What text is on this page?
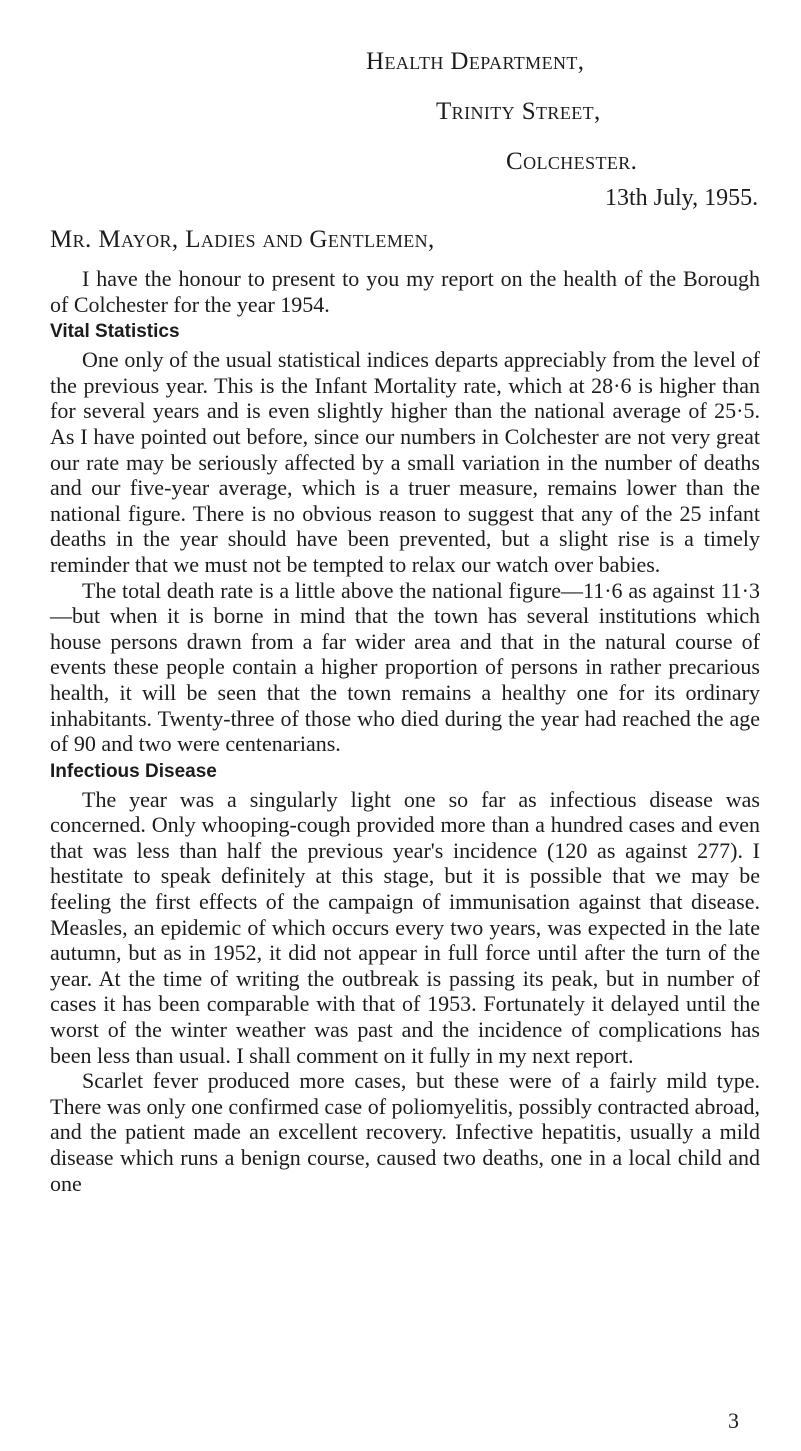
Health Department,
Trinity Street,
Colchester.
13th July, 1955.
Mr. Mayor, Ladies and Gentlemen,

I have the honour to present to you my report on the health of the Borough of Colchester for the year 1954.

Vital Statistics

One only of the usual statistical indices departs appreciably from the level of the previous year. This is the Infant Mortality rate, which at 28·6 is higher than for several years and is even slightly higher than the national average of 25·5. As I have pointed out before, since our numbers in Colchester are not very great our rate may be seriously affected by a small variation in the number of deaths and our five-year average, which is a truer measure, remains lower than the national figure. There is no obvious reason to suggest that any of the 25 infant deaths in the year should have been prevented, but a slight rise is a timely reminder that we must not be tempted to relax our watch over babies.

The total death rate is a little above the national figure—11·6 as against 11·3—but when it is borne in mind that the town has several institutions which house persons drawn from a far wider area and that in the natural course of events these people contain a higher proportion of persons in rather precarious health, it will be seen that the town remains a healthy one for its ordinary inhabitants. Twenty-three of those who died during the year had reached the age of 90 and two were centenarians.

Infectious Disease

The year was a singularly light one so far as infectious disease was concerned. Only whooping-cough provided more than a hundred cases and even that was less than half the previous year's incidence (120 as against 277). I hestitate to speak definitely at this stage, but it is possible that we may be feeling the first effects of the campaign of immunisation against that disease. Measles, an epidemic of which occurs every two years, was expected in the late autumn, but as in 1952, it did not appear in full force until after the turn of the year. At the time of writing the outbreak is passing its peak, but in number of cases it has been comparable with that of 1953. Fortunately it delayed until the worst of the winter weather was past and the incidence of complications has been less than usual. I shall comment on it fully in my next report.

Scarlet fever produced more cases, but these were of a fairly mild type. There was only one confirmed case of poliomyelitis, possibly contracted abroad, and the patient made an excellent recovery. Infective hepatitis, usually a mild disease which runs a benign course, caused two deaths, one in a local child and one

3
